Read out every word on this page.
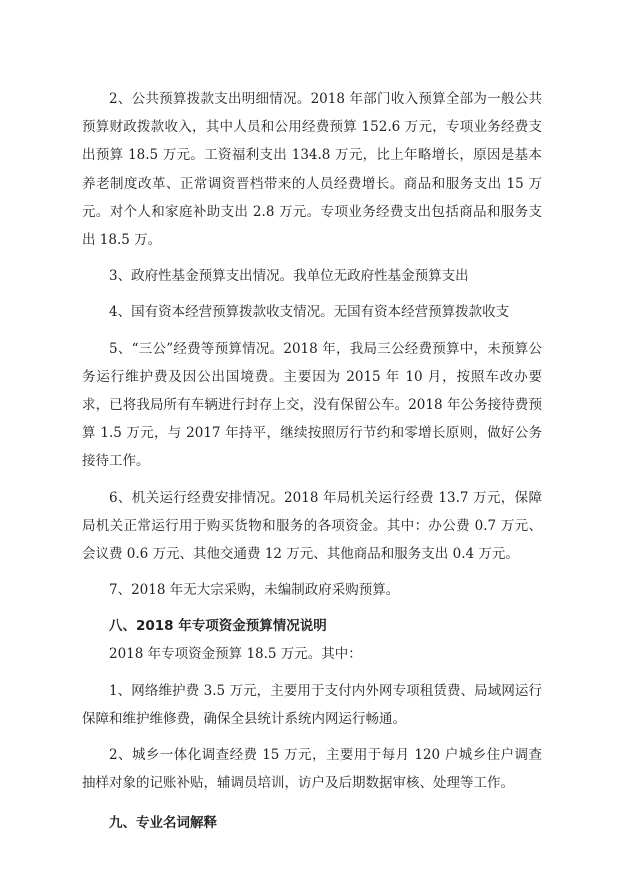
2、公共预算拨款支出明细情况。2018 年部门收入预算全部为一般公共预算财政拨款收入，其中人员和公用经费预算 152.6 万元，专项业务经费支出预算 18.5 万元。工资福利支出 134.8 万元，比上年略增长，原因是基本养老制度改革、正常调资晋档带来的人员经费增长。商品和服务支出 15 万元。对个人和家庭补助支出 2.8 万元。专项业务经费支出包括商品和服务支出 18.5 万。

3、政府性基金预算支出情况。我单位无政府性基金预算支出

4、国有资本经营预算拨款收支情况。无国有资本经营预算拨款收支

5、“三公”经费等预算情况。2018 年，我局三公经费预算中，未预算公务运行维护费及因公出国境费。主要因为 2015 年 10 月，按照车改办要求，已将我局所有车辆进行封存上交，没有保留公车。2018 年公务接待费预算 1.5 万元，与 2017 年持平，继续按照厉行节约和零增长原则，做好公务接待工作。

6、机关运行经费安排情况。2018 年局机关运行经费 13.7 万元，保障局机关正常运行用于购买货物和服务的各项资金。其中：办公费 0.7 万元、会议费 0.6 万元、其他交通费 12 万元、其他商品和服务支出 0.4 万元。

7、2018 年无大宗采购，未编制政府采购预算。

八、2018 年专项资金预算情况说明

2018 年专项资金预算 18.5 万元。其中：

1、网络维护费 3.5 万元，主要用于支付内外网专项租赁费、局域网运行保障和维护维修费，确保全县统计系统内网运行畅通。

2、城乡一体化调查经费 15 万元，主要用于每月 120 户城乡住户调查抽样对象的记账补贴，辅调员培训，访户及后期数据审核、处理等工作。

九、专业名词解释
